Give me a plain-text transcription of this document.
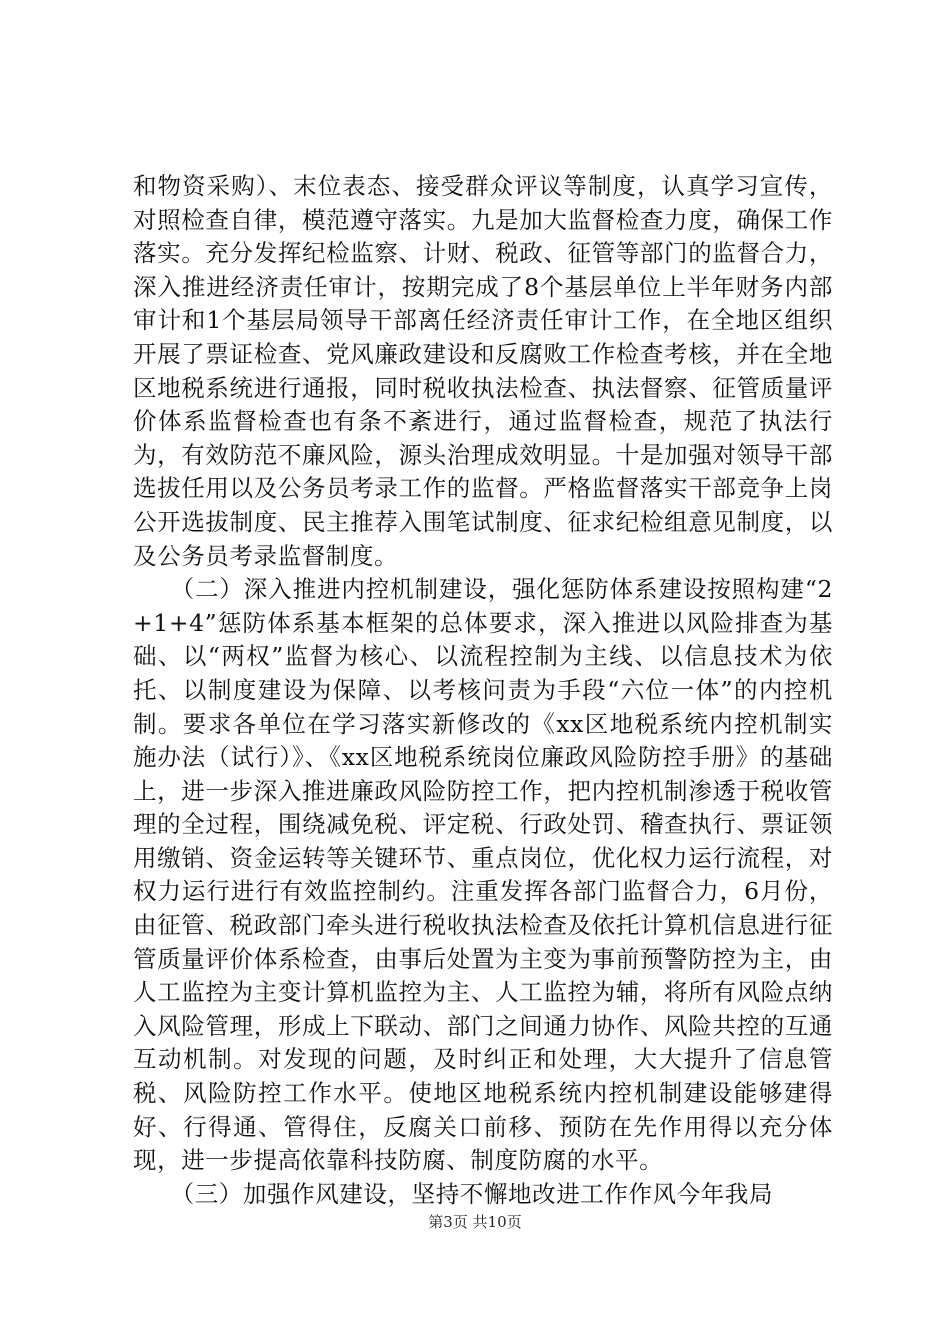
和物资采购）、末位表态、接受群众评议等制度，认真学习宣传，对照检查自律，模范遵守落实。九是加大监督检查力度，确保工作落实。充分发挥纪检监察、计财、税政、征管等部门的监督合力，深入推进经济责任审计，按期完成了8个基层单位上半年财务内部审计和1个基层局领导干部离任经济责任审计工作，在全地区组织开展了票证检查、党风廉政建设和反腐败工作检查考核，并在全地区地税系统进行通报，同时税收执法检查、执法督察、征管质量评价体系监督检查也有条不紊进行，通过监督检查，规范了执法行为，有效防范不廉风险，源头治理成效明显。十是加强对领导干部选拔任用以及公务员考录工作的监督。严格监督落实干部竞争上岗公开选拔制度、民主推荐入围笔试制度、征求纪检组意见制度，以及公务员考录监督制度。

（二）深入推进内控机制建设，强化惩防体系建设按照构建“2+1+4”惩防体系基本框架的总体要求，深入推进以风险排查为基础、以“两权”监督为核心、以流程控制为主线、以信息技术为依托、以制度建设为保障、以考核问责为手段“六位一体”的内控机制。要求各单位在学习落实新修改的《xx区地税系统内控机制实施办法（试行）》、《xx区地税系统岗位廉政风险防控手册》的基础上，进一步深入推进廉政风险防控工作，把内控机制渗透于税收管理的全过程，围绕减免税、评定税、行政处罚、稽查执行、票证领用缴销、资金运转等关键环节、重点岗位，优化权力运行流程，对权力运行进行有效监控制约。注重发挥各部门监督合力，6月份，由征管、税政部门牵头进行税收执法检查及依托计算机信息进行征管质量评价体系检查，由事后处置为主变为事前预警防控为主，由人工监控为主变计算机监控为主、人工监控为辅，将所有风险点纳入风险管理，形成上下联动、部门之间通力协作、风险共控的互通互动机制。对发现的问题，及时纠正和处理，大大提升了信息管税、风险防控工作水平。使地区地税系统内控机制建设能够建得好、行得通、管得住，反腐关口前移、预防在先作用得以充分体现，进一步提高依靠科技防腐、制度防腐的水平。

（三）加强作风建设，坚持不懈地改进工作作风今年我局

第3页 共10页
